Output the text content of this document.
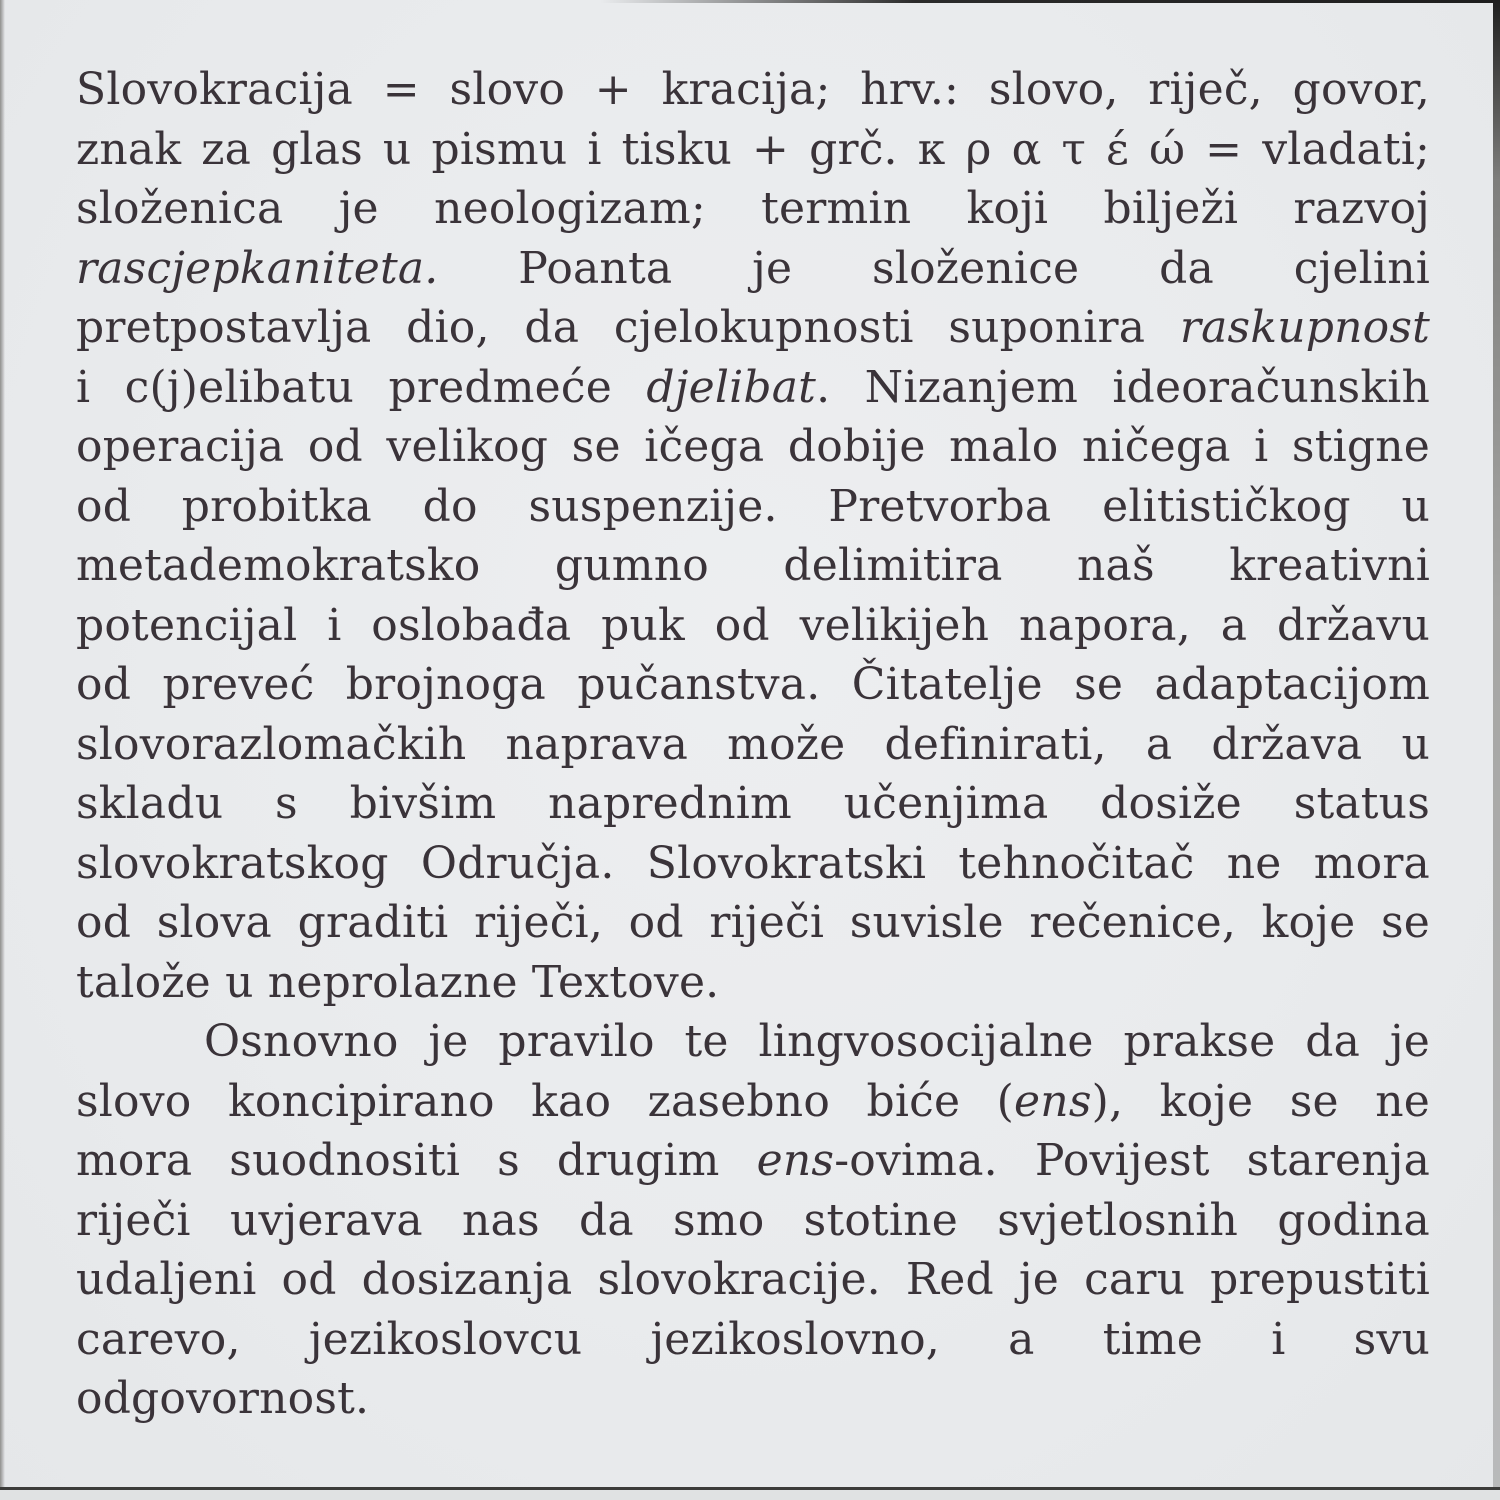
Slovokracija = slovo + kracija; hrv.: slovo, riječ, govor,
znak za glas u pismu i tisku + grč. κ ρ α τ έ ώ = vladati;
složenica je neologizam; termin koji bilježi razvoj
rascjepkaniteta. Poanta je složenice da cjelini
pretpostavlja dio, da cjelokupnosti suponira raskupnost
i c(j)elibatu predmeće djelibat. Nizanjem ideoračunskih
operacija od velikog se ičega dobije malo ničega i stigne
od probitka do suspenzije. Pretvorba elitističkog u
metademokratsko gumno delimitira naš kreativni
potencijal i oslobađa puk od velikijeh napora, a državu
od preveć brojnoga pučanstva. Čitatelje se adaptacijom
slovorazlomačkih naprava može definirati, a država u
skladu s bivšim naprednim učenjima dosiže status
slovokratskog Odručja. Slovokratski tehnočitač ne mora
od slova graditi riječi, od riječi suvisle rečenice, koje se
talože u neprolazne Textove.
Osnovno je pravilo te lingvosocijalne prakse da je
slovo koncipirano kao zasebno biće (ens), koje se ne
mora suodnositi s drugim ens-ovima. Povijest starenja
riječi uvjerava nas da smo stotine svjetlosnih godina
udaljeni od dosizanja slovokracije. Red je caru prepustiti
carevo, jezikoslovcu jezikoslovno, a time i svu
odgovornost.
